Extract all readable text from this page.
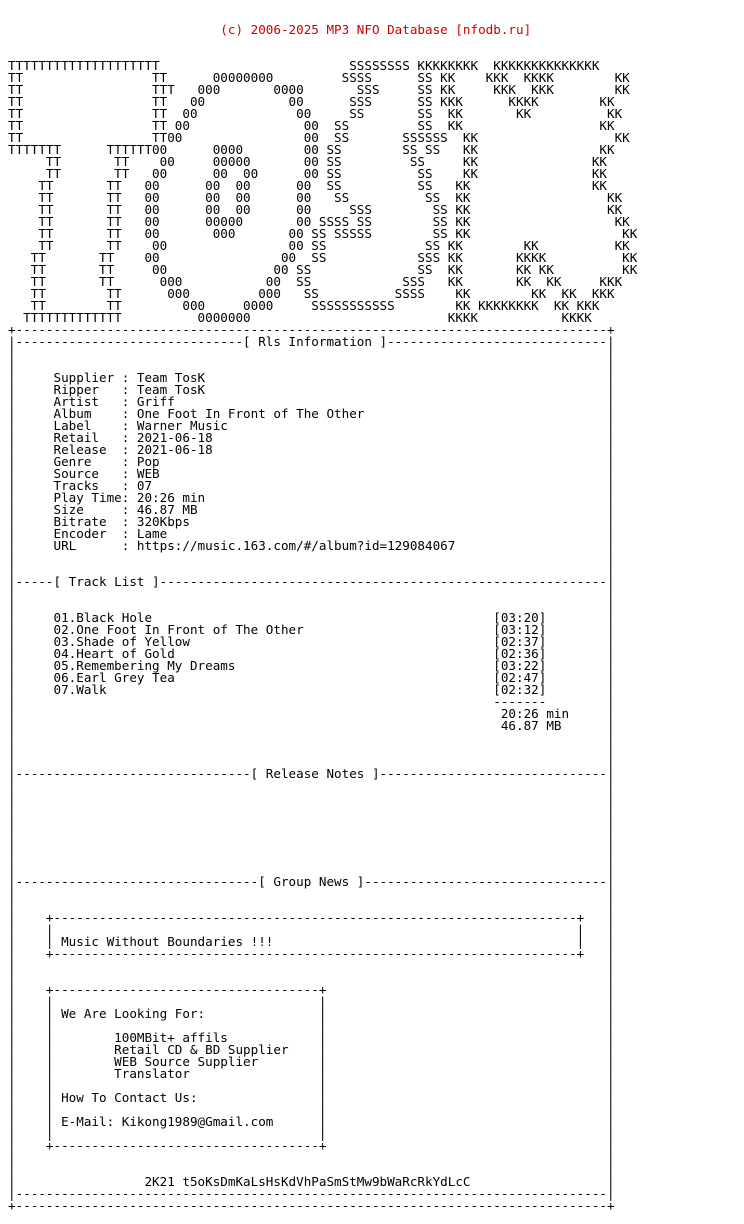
(c) 2006-2025 MP3 NFO Database [nfodb.ru]

TTTTTTTTTTTTTTTTTTTT                         SSSSSSSS KKKKKKKK  KKKKKKKKKKKKKK
TT                 TT      00000000         SSSS      SS KK    KKK  KKKK        KK
TT                 TTT   000       0000       SSS     SS KK     KKK  KKK        KK
TT                 TT   00           00      SSS      SS KKK      KKKK        KK
TT                 TT  00             00     SS       SS  KK       KK          KK
TT                 TT 00               00  SS         SS  KK                  KK
TT                 TT00                00  SS       SSSSSS  KK                  KK
TTTTTTT      TTTTTT00      0000        00 SS        SS SS   KK                KK
TT       TT    00     00000       00 SS         SS     KK               KK
TT       TT   00      00  00      00 SS          SS    KK               KK
TT       TT   00      00  00      00  SS          SS   KK                KK
TT       TT   00      00  00      00   SS          SS  KK                  KK
TT       TT   00      00  00      00     SSS        SS KK                  KK
TT       TT   00      00000       00 SSSS SS        SS KK                   KK
TT       TT   00       000       00 SS SSSSS        SS KK                    KK
TT       TT    00                00 SS             SS KK        KK          KK
TT       TT    00                00  SS            SSS KK       KKKK          KK
TT       TT     00              00 SS              SS  KK       KK KK         KK
TT       TT      000           00  SS            SSS   KK       KK  KK     KKK
TT        TT      000         000   SS          SSSS    KK        KK  KK  KKK
TT        TT        000     0000     SSSSSSSSSSS        KK KKKKKKKK  KK KKK
TTTTTTTTTTTTT          0000000                          KKKK           KKKK
+------------------------------------------------------------------------------+
|------------------------------[ Rls Information ]-----------------------------|
|                                                                              |
|                                                                              |
|     Supplier : Team TosK                                                     |
|     Ripper   : Team TosK                                                     |
|     Artist   : Griff                                                         |
|     Album    : One Foot In Front of The Other                                |
|     Label    : Warner Music                                                  |
|     Retail   : 2021-06-18                                                    |
|     Release  : 2021-06-18                                                    |
|     Genre    : Pop                                                           |
|     Source   : WEB                                                           |
|     Tracks   : 07                                                            |
|     Play Time: 20:26 min                                                     |
|     Size     : 46.87 MB                                                      |
|     Bitrate  : 320Kbps                                                       |
|     Encoder  : Lame                                                          |
|     URL      : https://music.163.com/#/album?id=129084067                    |
|                                                                              |
|                                                                              |
|-----[ Track List ]-----------------------------------------------------------|
|                                                                              |
|                                                                              |
|     01.Black Hole                                             [03:20]        |
|     02.One Foot In Front of The Other                         [03:12]        |
|     03.Shade of Yellow                                        [02:37]        |
|     04.Heart of Gold                                          [02:36]        |
|     05.Remembering My Dreams                                  [03:22]        |
|     06.Earl Grey Tea                                          [02:47]        |
|     07.Walk                                                   [02:32]        |
|                                                               -------        |
|                                                                20:26 min     |
|                                                                46.87 MB      |
|                                                                              |
|                                                                              |
|                                                                              |
|-------------------------------[ Release Notes ]------------------------------|
|                                                                              |
|                                                                              |
|                                                                              |
|                                                                              |
|                                                                              |
|                                                                              |
|                                                                              |
|                                                                              |
|--------------------------------[ Group News ]--------------------------------|
|                                                                              |
|                                                                              |
|    +---------------------------------------------------------------------+   |
|    |                                                                     |   |
|    | Music Without Boundaries !!!                                        |   |
|    +---------------------------------------------------------------------+   |
|                                                                              |
|                                                                              |
|    +-----------------------------------+                                     |
|    |                                   |                                     |
|    | We Are Looking For:               |                                     |
|    |                                   |                                     |
|    |        100MBit+ affils            |                                     |
|    |        Retail CD & BD Supplier    |                                     |
|    |        WEB Source Supplier        |                                     |
|    |        Translator                 |                                     |
|    |                                   |                                     |
|    | How To Contact Us:                |                                     |
|    |                                   |                                     |
|    | E-Mail: Kikong1989@Gmail.com      |                                     |
|    |                                   |                                     |
|    +-----------------------------------+                                     |
|                                                                              |
|                                                                              |
|                 2K21 t5oKsDmKaLsHsKdVhPaSmStMw9bWaRcRkYdLcC                  |
|------------------------------------------------------------------------------|
+------------------------------------------------------------------------------+
